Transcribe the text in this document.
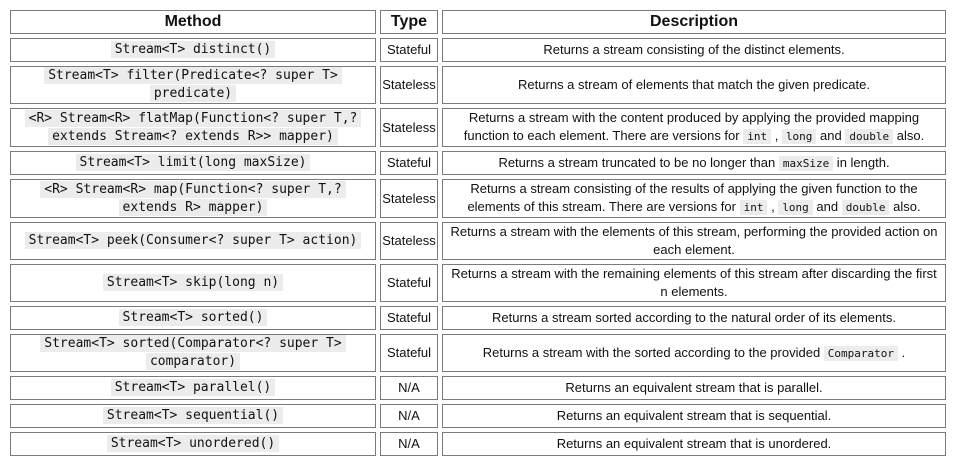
Method	Type	Description
Stream<T> distinct()	Stateful	Returns a stream consisting of the distinct elements.
Stream<T> filter(Predicate<? super T> predicate)	Stateless	Returns a stream of elements that match the given predicate.
<R> Stream<R> flatMap(Function<? super T,? extends Stream<? extends R>> mapper)	Stateless	Returns a stream with the content produced by applying the provided mapping function to each element. There are versions for int , long and double also.
Stream<T> limit(long maxSize)	Stateful	Returns a stream truncated to be no longer than maxSize in length.
<R> Stream<R> map(Function<? super T,? extends R> mapper)	Stateless	Returns a stream consisting of the results of applying the given function to the elements of this stream. There are versions for int , long and double also.
Stream<T> peek(Consumer<? super T> action)	Stateless	Returns a stream with the elements of this stream, performing the provided action on each element.
Stream<T> skip(long n)	Stateful	Returns a stream with the remaining elements of this stream after discarding the first n elements.
Stream<T> sorted()	Stateful	Returns a stream sorted according to the natural order of its elements.
Stream<T> sorted(Comparator<? super T> comparator)	Stateful	Returns a stream with the sorted according to the provided Comparator .
Stream<T> parallel()	N/A	Returns an equivalent stream that is parallel.
Stream<T> sequential()	N/A	Returns an equivalent stream that is sequential.
Stream<T> unordered()	N/A	Returns an equivalent stream that is unordered.
